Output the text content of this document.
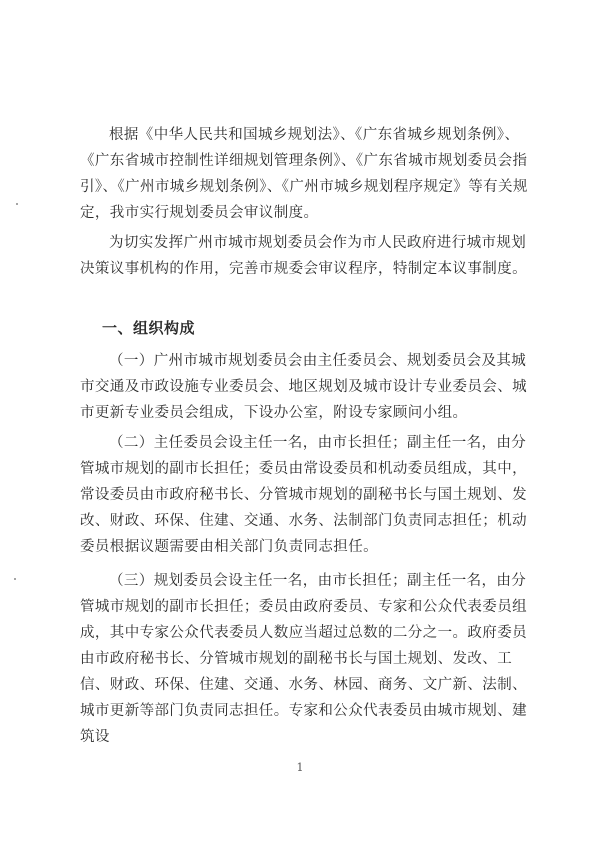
根据《中华人民共和国城乡规划法》、《广东省城乡规划条例》、《广东省城市控制性详细规划管理条例》、《广东省城市规划委员会指引》、《广州市城乡规划条例》、《广州市城乡规划程序规定》等有关规定，我市实行规划委员会审议制度。
为切实发挥广州市城市规划委员会作为市人民政府进行城市规划决策议事机构的作用，完善市规委会审议程序，特制定本议事制度。
一、组织构成
（一）广州市城市规划委员会由主任委员会、规划委员会及其城市交通及市政设施专业委员会、地区规划及城市设计专业委员会、城市更新专业委员会组成，下设办公室，附设专家顾问小组。
（二）主任委员会设主任一名，由市长担任；副主任一名，由分管城市规划的副市长担任；委员由常设委员和机动委员组成，其中，常设委员由市政府秘书长、分管城市规划的副秘书长与国土规划、发改、财政、环保、住建、交通、水务、法制部门负责同志担任；机动委员根据议题需要由相关部门负责同志担任。
（三）规划委员会设主任一名，由市长担任；副主任一名，由分管城市规划的副市长担任；委员由政府委员、专家和公众代表委员组成，其中专家公众代表委员人数应当超过总数的二分之一。政府委员由市政府秘书长、分管城市规划的副秘书长与国土规划、发改、工信、财政、环保、住建、交通、水务、林园、商务、文广新、法制、城市更新等部门负责同志担任。专家和公众代表委员由城市规划、建筑设
1
